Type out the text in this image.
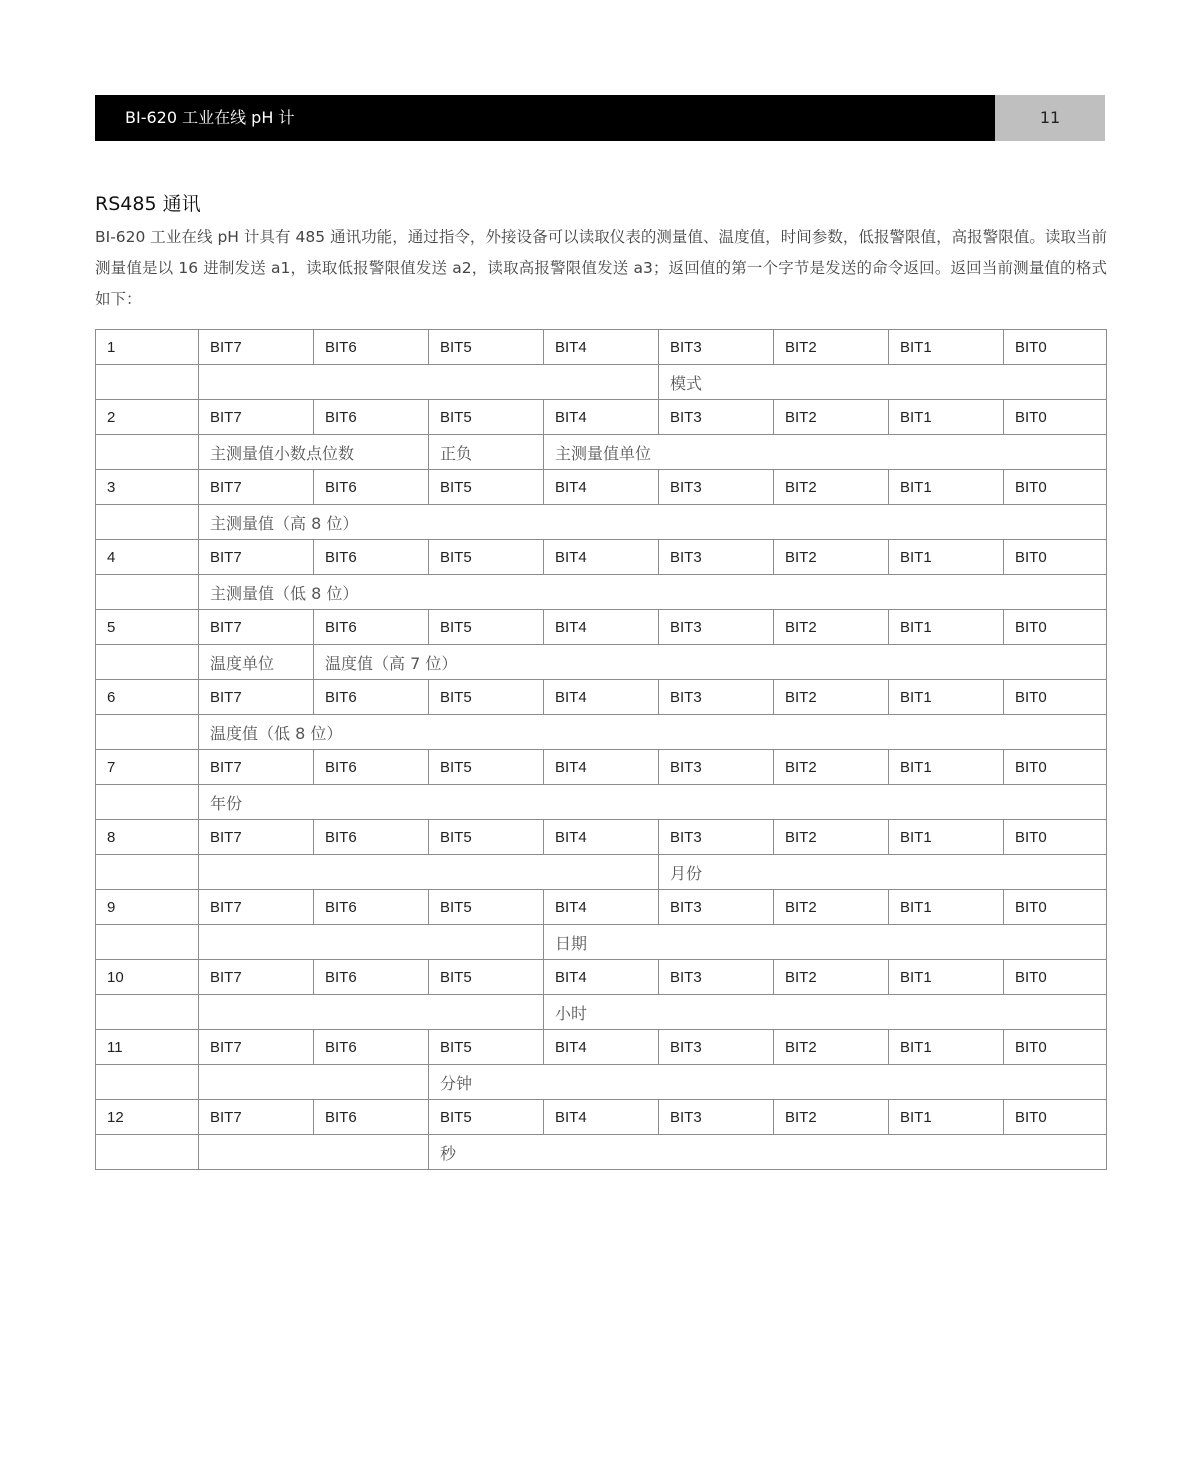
BI-620 工业在线 pH 计	11
RS485 通讯
BI-620 工业在线 pH 计具有 485 通讯功能，通过指令，外接设备可以读取仪表的测量值、温度值，时间参数，低报警限值，高报警限值。读取当前测量值是以 16 进制发送 a1，读取低报警限值发送 a2，读取高报警限值发送 a3；返回值的第一个字节是发送的命令返回。返回当前测量值的格式如下：
1	BIT7	BIT6	BIT5	BIT4	BIT3	BIT2	BIT1	BIT0
					模式			
2	BIT7	BIT6	BIT5	BIT4	BIT3	BIT2	BIT1	BIT0
	主测量值小数点位数		正负	主测量值单位				
3	BIT7	BIT6	BIT5	BIT4	BIT3	BIT2	BIT1	BIT0
	主测量值（高 8 位）							
4	BIT7	BIT6	BIT5	BIT4	BIT3	BIT2	BIT1	BIT0
	主测量值（低 8 位）							
5	BIT7	BIT6	BIT5	BIT4	BIT3	BIT2	BIT1	BIT0
	温度单位	温度值（高 7 位）						
6	BIT7	BIT6	BIT5	BIT4	BIT3	BIT2	BIT1	BIT0
	温度值（低 8 位）							
7	BIT7	BIT6	BIT5	BIT4	BIT3	BIT2	BIT1	BIT0
	年份							
8	BIT7	BIT6	BIT5	BIT4	BIT3	BIT2	BIT1	BIT0
					月份			
9	BIT7	BIT6	BIT5	BIT4	BIT3	BIT2	BIT1	BIT0
				日期				
10	BIT7	BIT6	BIT5	BIT4	BIT3	BIT2	BIT1	BIT0
				小时				
11	BIT7	BIT6	BIT5	BIT4	BIT3	BIT2	BIT1	BIT0
			分钟					
12	BIT7	BIT6	BIT5	BIT4	BIT3	BIT2	BIT1	BIT0
			秒					
